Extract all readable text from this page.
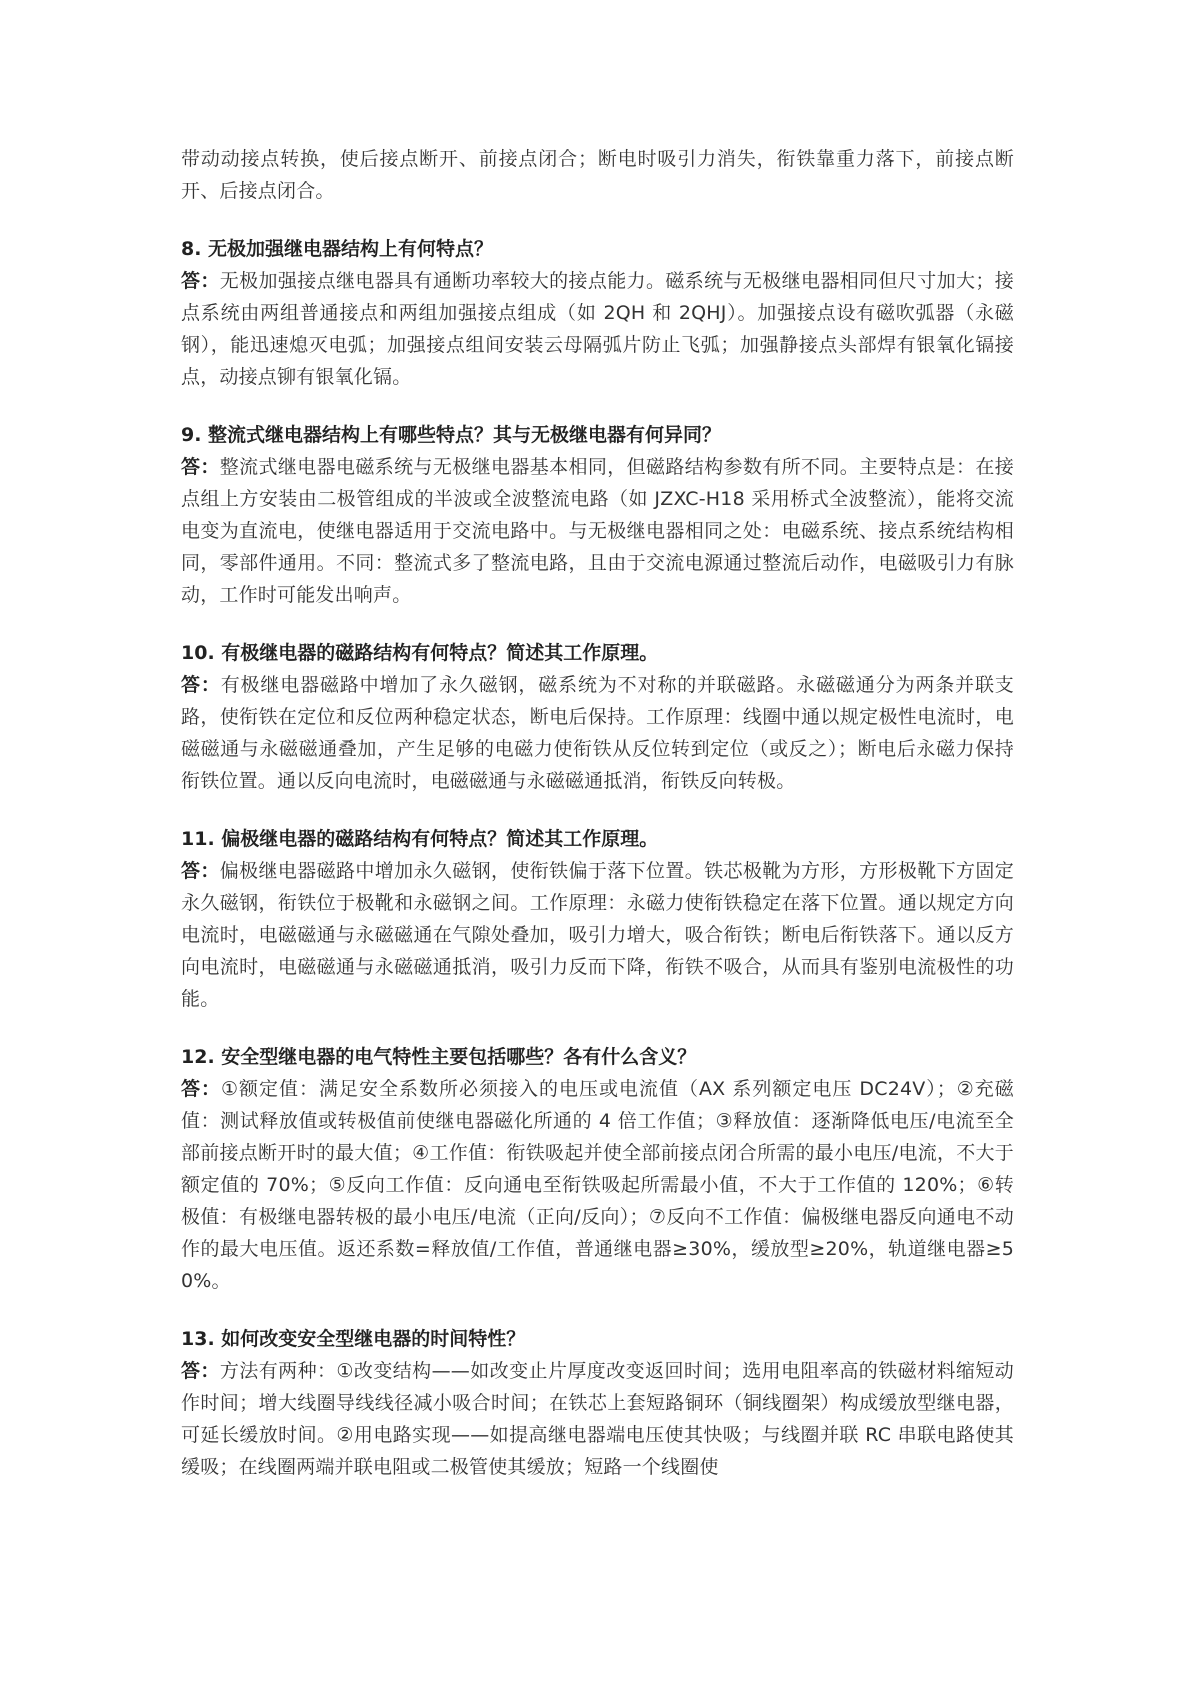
带动动接点转换，使后接点断开、前接点闭合；断电时吸引力消失，衔铁靠重力落下，前接点断开、后接点闭合。

8. 无极加强继电器结构上有何特点？

答：无极加强接点继电器具有通断功率较大的接点能力。磁系统与无极继电器相同但尺寸加大；接点系统由两组普通接点和两组加强接点组成（如 2QH 和 2QHJ）。加强接点设有磁吹弧器（永磁钢），能迅速熄灭电弧；加强接点组间安装云母隔弧片防止飞弧；加强静接点头部焊有银氧化镉接点，动接点铆有银氧化镉。

9. 整流式继电器结构上有哪些特点？其与无极继电器有何异同？

答：整流式继电器电磁系统与无极继电器基本相同，但磁路结构参数有所不同。主要特点是：在接点组上方安装由二极管组成的半波或全波整流电路（如 JZXC-H18 采用桥式全波整流），能将交流电变为直流电，使继电器适用于交流电路中。与无极继电器相同之处：电磁系统、接点系统结构相同，零部件通用。不同：整流式多了整流电路，且由于交流电源通过整流后动作，电磁吸引力有脉动，工作时可能发出响声。

10. 有极继电器的磁路结构有何特点？简述其工作原理。

答：有极继电器磁路中增加了永久磁钢，磁系统为不对称的并联磁路。永磁磁通分为两条并联支路，使衔铁在定位和反位两种稳定状态，断电后保持。工作原理：线圈中通以规定极性电流时，电磁磁通与永磁磁通叠加，产生足够的电磁力使衔铁从反位转到定位（或反之）；断电后永磁力保持衔铁位置。通以反向电流时，电磁磁通与永磁磁通抵消，衔铁反向转极。

11. 偏极继电器的磁路结构有何特点？简述其工作原理。

答：偏极继电器磁路中增加永久磁钢，使衔铁偏于落下位置。铁芯极靴为方形，方形极靴下方固定永久磁钢，衔铁位于极靴和永磁钢之间。工作原理：永磁力使衔铁稳定在落下位置。通以规定方向电流时，电磁磁通与永磁磁通在气隙处叠加，吸引力增大，吸合衔铁；断电后衔铁落下。通以反方向电流时，电磁磁通与永磁磁通抵消，吸引力反而下降，衔铁不吸合，从而具有鉴别电流极性的功能。

12. 安全型继电器的电气特性主要包括哪些？各有什么含义？

答：①额定值：满足安全系数所必须接入的电压或电流值（AX 系列额定电压 DC24V）；②充磁值：测试释放值或转极值前使继电器磁化所通的 4 倍工作值；③释放值：逐渐降低电压/电流至全部前接点断开时的最大值；④工作值：衔铁吸起并使全部前接点闭合所需的最小电压/电流，不大于额定值的 70%；⑤反向工作值：反向通电至衔铁吸起所需最小值，不大于工作值的 120%；⑥转极值：有极继电器转极的最小电压/电流（正向/反向）；⑦反向不工作值：偏极继电器反向通电不动作的最大电压值。返还系数=释放值/工作值，普通继电器≥30%，缓放型≥20%，轨道继电器≥50%。

13. 如何改变安全型继电器的时间特性？

答：方法有两种：①改变结构——如改变止片厚度改变返回时间；选用电阻率高的铁磁材料缩短动作时间；增大线圈导线线径减小吸合时间；在铁芯上套短路铜环（铜线圈架）构成缓放型继电器，可延长缓放时间。②用电路实现——如提高继电器端电压使其快吸；与线圈并联 RC 串联电路使其缓吸；在线圈两端并联电阻或二极管使其缓放；短路一个线圈使
